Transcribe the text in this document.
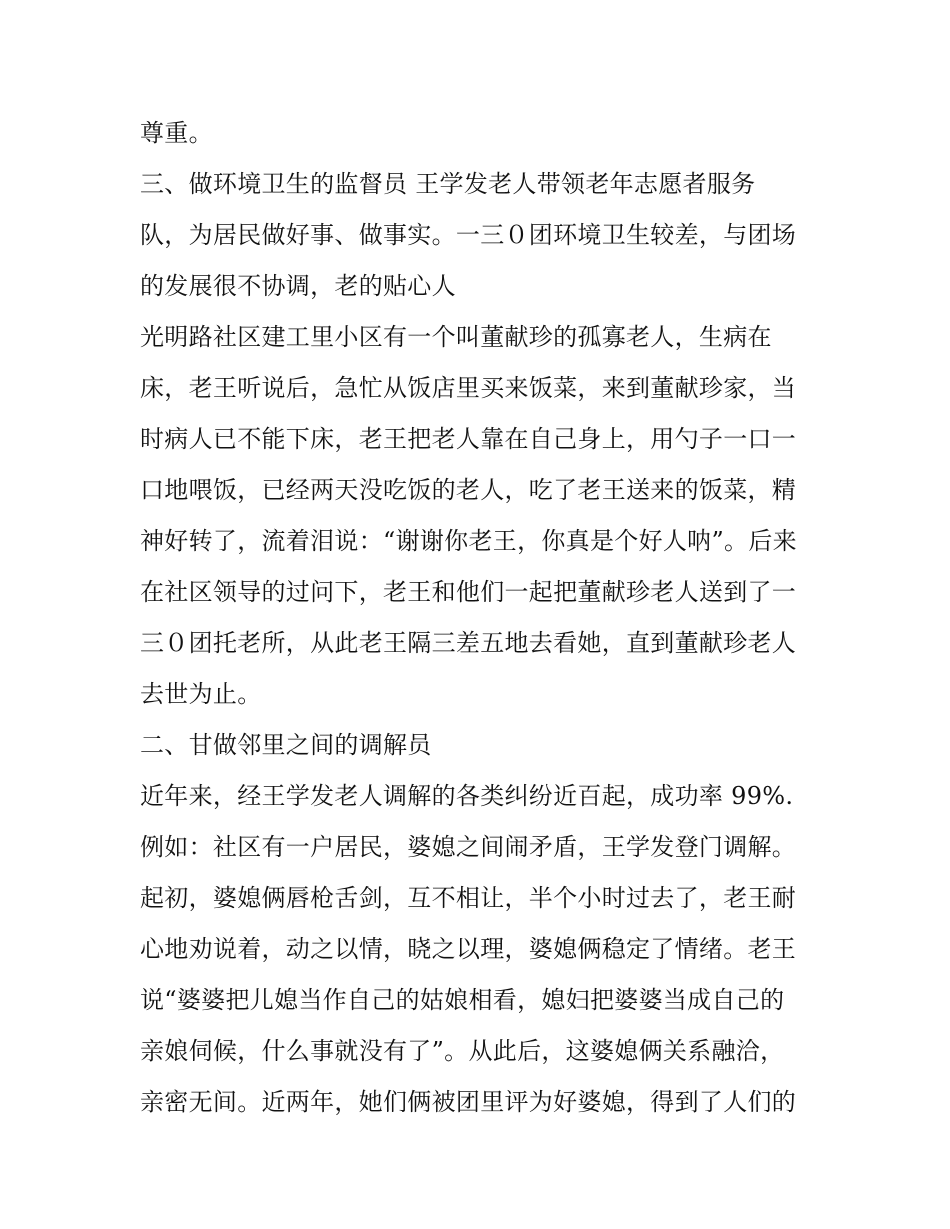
尊重。
三、做环境卫生的监督员 王学发老人带领老年志愿者服务
队，为居民做好事、做事实。一三０团环境卫生较差，与团场
的发展很不协调，老的贴心人
光明路社区建工里小区有一个叫董献珍的孤寡老人，生病在
床，老王听说后，急忙从饭店里买来饭菜，来到董献珍家，当
时病人已不能下床，老王把老人靠在自己身上，用勺子一口一
口地喂饭，已经两天没吃饭的老人，吃了老王送来的饭菜，精
神好转了，流着泪说：“谢谢你老王，你真是个好人呐”。后来
在社区领导的过问下，老王和他们一起把董献珍老人送到了一
三０团托老所，从此老王隔三差五地去看她，直到董献珍老人
去世为止。
二、甘做邻里之间的调解员
近年来，经王学发老人调解的各类纠纷近百起，成功率 99%.
例如：社区有一户居民，婆媳之间闹矛盾，王学发登门调解。
起初，婆媳俩唇枪舌剑，互不相让，半个小时过去了，老王耐
心地劝说着，动之以情，晓之以理，婆媳俩稳定了情绪。老王
说“婆婆把儿媳当作自己的姑娘相看，媳妇把婆婆当成自己的
亲娘伺候，什么事就没有了”。从此后，这婆媳俩关系融洽，
亲密无间。近两年，她们俩被团里评为好婆媳，得到了人们的
